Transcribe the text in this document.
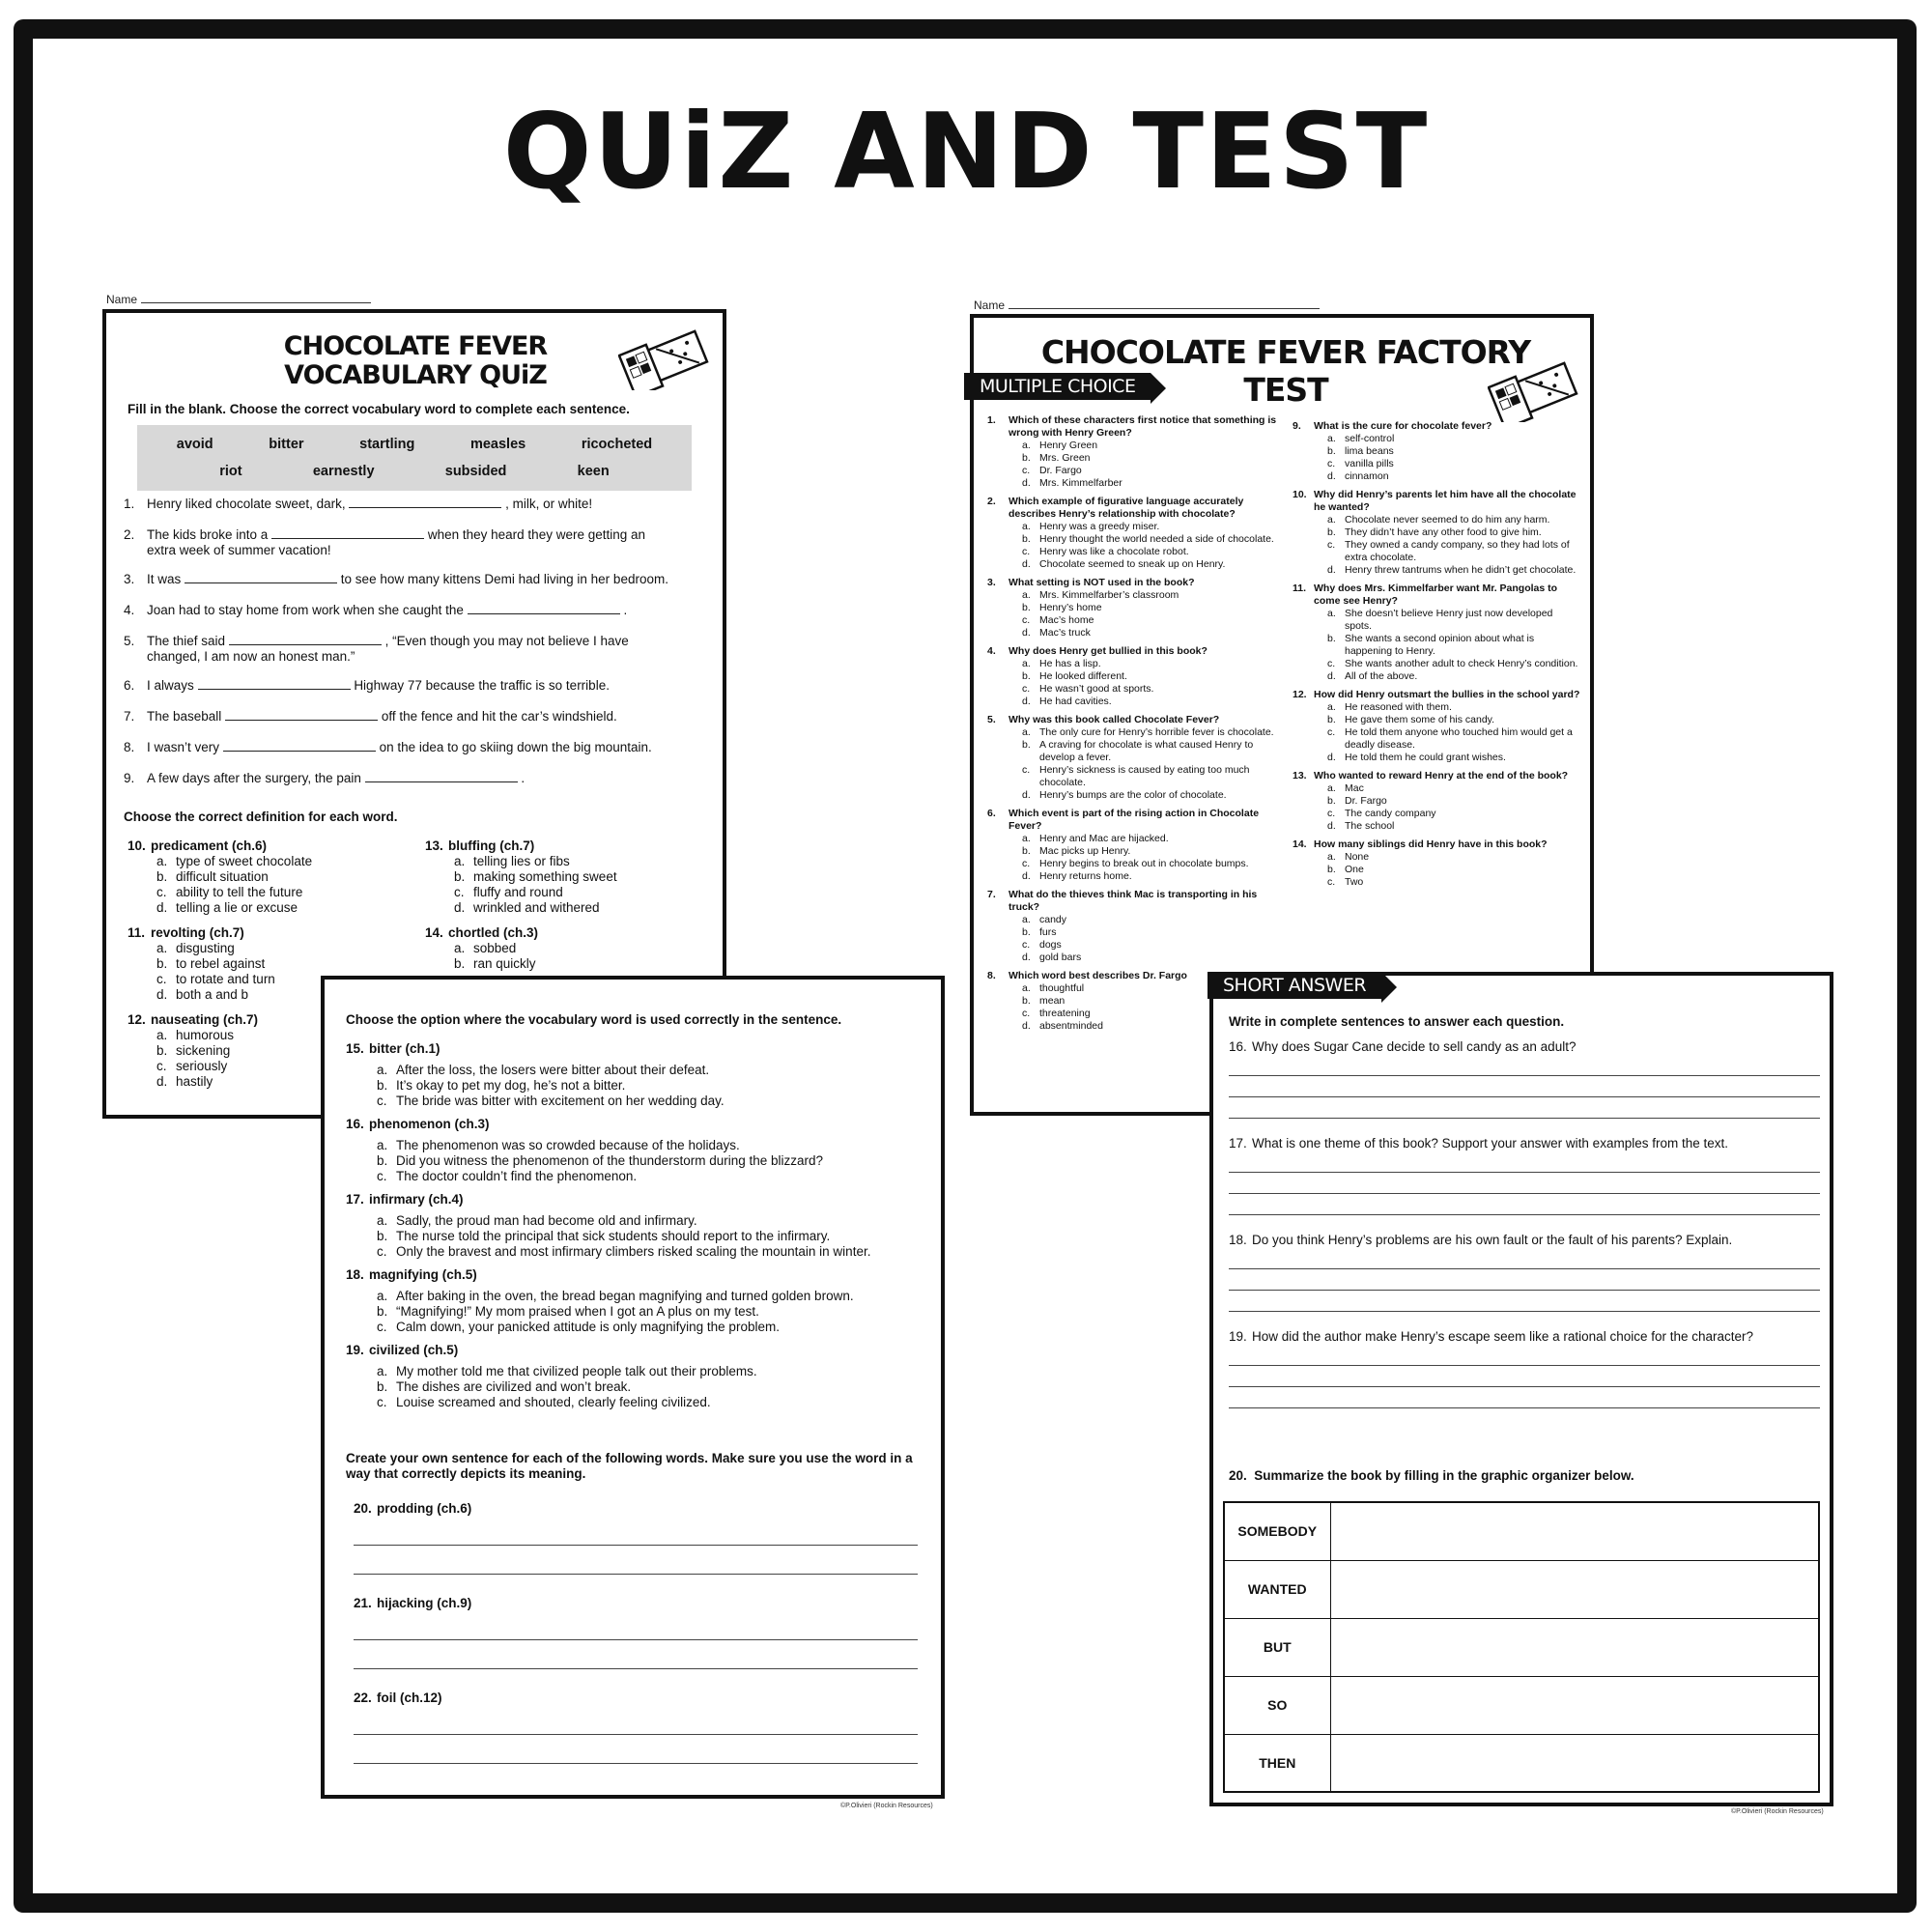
QUiZ AND TEST
Name
CHOCOLATE FEVER
VOCABULARY QUiZ
Fill in the blank. Choose the correct vocabulary word to complete each sentence.
avoid	bitter	startling	measles	ricocheted
riot	earnestly	subsided	keen
1. Henry liked chocolate sweet, dark,	, milk, or white!
2. The kids broke into a	when they heard they were getting an
extra week of summer vacation!
3. It was	to see how many kittens Demi had living in her bedroom.
4. Joan had to stay home from work when she caught the	.
5. The thief said	, “Even though you may not believe I have
changed, I am now an honest man.”
6. I always	Highway 77 because the traffic is so terrible.
7. The baseball	off the fence and hit the car’s windshield.
8. I wasn’t very	on the idea to go skiing down the big mountain.
9. A few days after the surgery, the pain	.
Choose the correct definition for each word.
10. predicament (ch.6)
a. type of sweet chocolate
b. difficult situation
c. ability to tell the future
d. telling a lie or excuse
11. revolting (ch.7)
a. disgusting
b. to rebel against
c. to rotate and turn
d. both a and b
12. nauseating (ch.7)
a. humorous
b. sickening
c. seriously
d. hastily
13. bluffing (ch.7)
a. telling lies or fibs
b. making something sweet
c. fluffy and round
d. wrinkled and withered
14. chortled (ch.3)
a. sobbed
b. ran quickly
Choose the option where the vocabulary word is used correctly in the sentence.
15. bitter (ch.1)
a. After the loss, the losers were bitter about their defeat.
b. It’s okay to pet my dog, he’s not a bitter.
c. The bride was bitter with excitement on her wedding day.
16. phenomenon (ch.3)
a. The phenomenon was so crowded because of the holidays.
b. Did you witness the phenomenon of the thunderstorm during the blizzard?
c. The doctor couldn’t find the phenomenon.
17. infirmary (ch.4)
a. Sadly, the proud man had become old and infirmary.
b. The nurse told the principal that sick students should report to the infirmary.
c. Only the bravest and most infirmary climbers risked scaling the mountain in winter.
18. magnifying (ch.5)
a. After baking in the oven, the bread began magnifying and turned golden brown.
b. “Magnifying!” My mom praised when I got an A plus on my test.
c. Calm down, your panicked attitude is only magnifying the problem.
19. civilized (ch.5)
a. My mother told me that civilized people talk out their problems.
b. The dishes are civilized and won’t break.
c. Louise screamed and shouted, clearly feeling civilized.
Create your own sentence for each of the following words. Make sure you use the word in a way that correctly depicts its meaning.
20. prodding (ch.6)
21. hijacking (ch.9)
22. foil (ch.12)
©P.Olivieri (Rockin Resources)
Name
CHOCOLATE FEVER FACTORY TEST
1. Which of these characters first notice that something is wrong with Henry Green?
a. Henry Green
b. Mrs. Green
c. Dr. Fargo
d. Mrs. Kimmelfarber
2. Which example of figurative language accurately describes Henry’s relationship with chocolate?
a. Henry was a greedy miser.
b. Henry thought the world needed a side of chocolate.
c. Henry was like a chocolate robot.
d. Chocolate seemed to sneak up on Henry.
3. What setting is NOT used in the book?
a. Mrs. Kimmelfarber’s classroom
b. Henry’s home
c. Mac’s home
d. Mac’s truck
4. Why does Henry get bullied in this book?
a. He has a lisp.
b. He looked different.
c. He wasn’t good at sports.
d. He had cavities.
5. Why was this book called Chocolate Fever?
a. The only cure for Henry’s horrible fever is chocolate.
b. A craving for chocolate is what caused Henry to develop a fever.
c. Henry’s sickness is caused by eating too much chocolate.
d. Henry’s bumps are the color of chocolate.
6. Which event is part of the rising action in Chocolate Fever?
a. Henry and Mac are hijacked.
b. Mac picks up Henry.
c. Henry begins to break out in chocolate bumps.
d. Henry returns home.
7. What do the thieves think Mac is transporting in his truck?
a. candy
b. furs
c. dogs
d. gold bars
8. Which word best describes Dr. Fargo
a. thoughtful
b. mean
c. threatening
d. absentminded
9. What is the cure for chocolate fever?
a. self-control
b. lima beans
c. vanilla pills
d. cinnamon
10. Why did Henry’s parents let him have all the chocolate he wanted?
a. Chocolate never seemed to do him any harm.
b. They didn’t have any other food to give him.
c. They owned a candy company, so they had lots of extra chocolate.
d. Henry threw tantrums when he didn’t get chocolate.
11. Why does Mrs. Kimmelfarber want Mr. Pangolas to come see Henry?
a. She doesn’t believe Henry just now developed spots.
b. She wants a second opinion about what is happening to Henry.
c. She wants another adult to check Henry’s condition.
d. All of the above.
12. How did Henry outsmart the bullies in the school yard?
a. He reasoned with them.
b. He gave them some of his candy.
c. He told them anyone who touched him would get a deadly disease.
d. He told them he could grant wishes.
13. Who wanted to reward Henry at the end of the book?
a. Mac
b. Dr. Fargo
c. The candy company
d. The school
14. How many siblings did Henry have in this book?
a. None
b. One
c. Two
MULTIPLE CHOICE
Write in complete sentences to answer each question.
16. Why does Sugar Cane decide to sell candy as an adult?
17. What is one theme of this book? Support your answer with examples from the text.
18. Do you think Henry’s problems are his own fault or the fault of his parents? Explain.
19. How did the author make Henry’s escape seem like a rational choice for the character?
20. Summarize the book by filling in the graphic organizer below.
SOMEBODY	
WANTED	
BUT	
SO	
THEN	
SHORT ANSWER
©P.Olivieri (Rockin Resources)
